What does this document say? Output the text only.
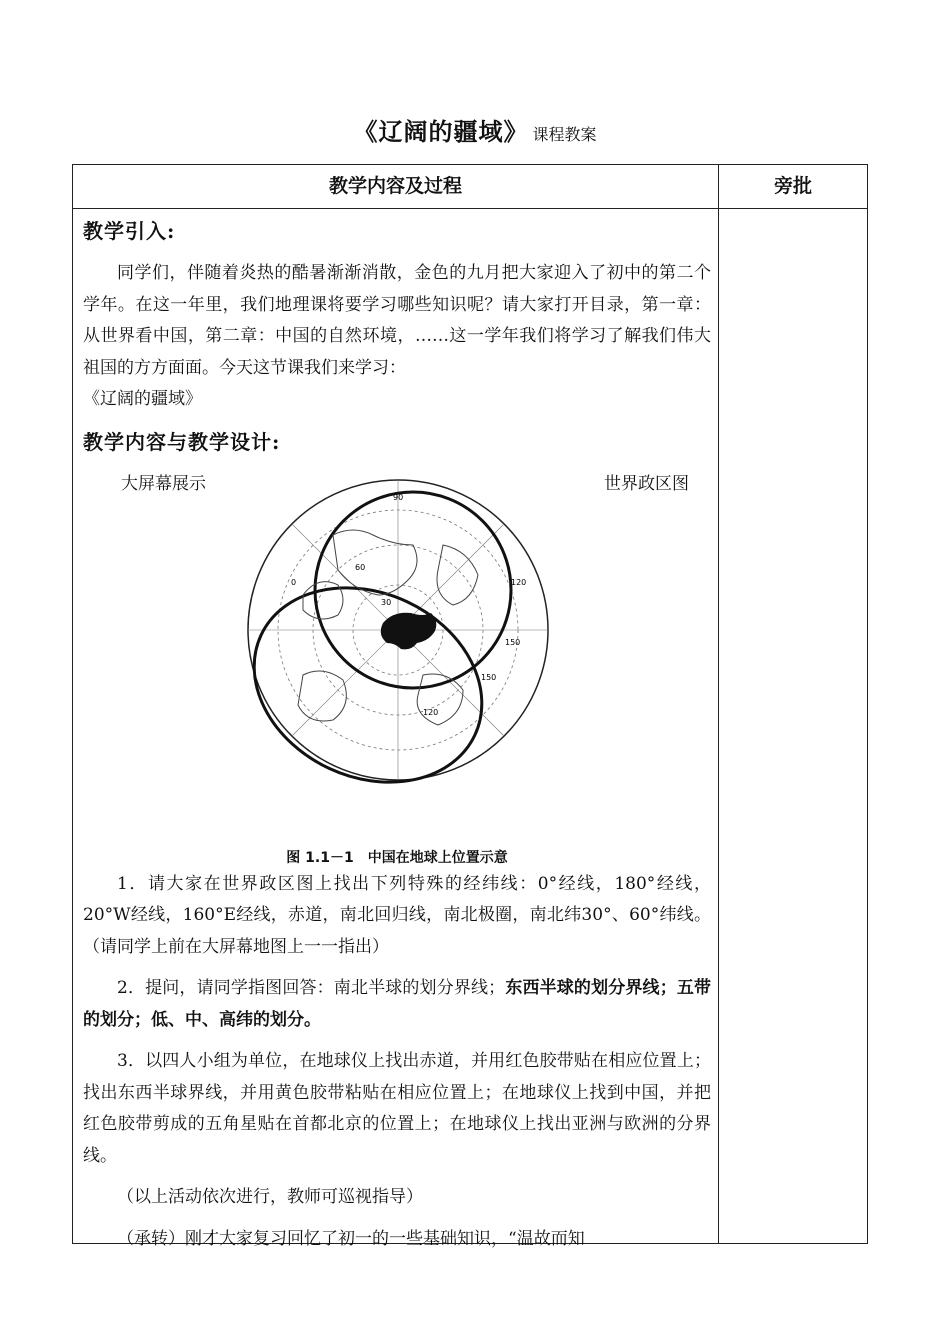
《辽阔的疆域》 课程教案
教学内容及过程	旁批

教学引入:

同学们，伴随着炎热的酷暑渐渐消散，金色的九月把大家迎入了初中的第二个学年。在这一年里，我们地理课将要学习哪些知识呢？请大家打开目录，第一章：从世界看中国，第二章：中国的自然环境，……这一学年我们将学习了解我们伟大祖国的方方面面。今天这节课我们来学习：

《辽阔的疆域》

教学内容与教学设计:

大屏幕展示	世界政区图
90
120
150
60
30
0
150
120

图 1.1－1　中国在地球上位置示意

1．请大家在世界政区图上找出下列特殊的经纬线：0°经线，180°经线，20°W经线，160°E经线，赤道，南北回归线，南北极圈，南北纬30°、60°纬线。（请同学上前在大屏幕地图上一一指出）

2．提问，请同学指图回答：南北半球的划分界线；东西半球的划分界线；五带的划分；低、中、高纬的划分。

3．以四人小组为单位，在地球仪上找出赤道，并用红色胶带贴在相应位置上；找出东西半球界线，并用黄色胶带粘贴在相应位置上；在地球仪上找到中国，并把红色胶带剪成的五角星贴在首都北京的位置上；在地球仪上找出亚洲与欧洲的分界线。

（以上活动依次进行，教师可巡视指导）

（承转）刚才大家复习回忆了初一的一些基础知识，“温故而知
